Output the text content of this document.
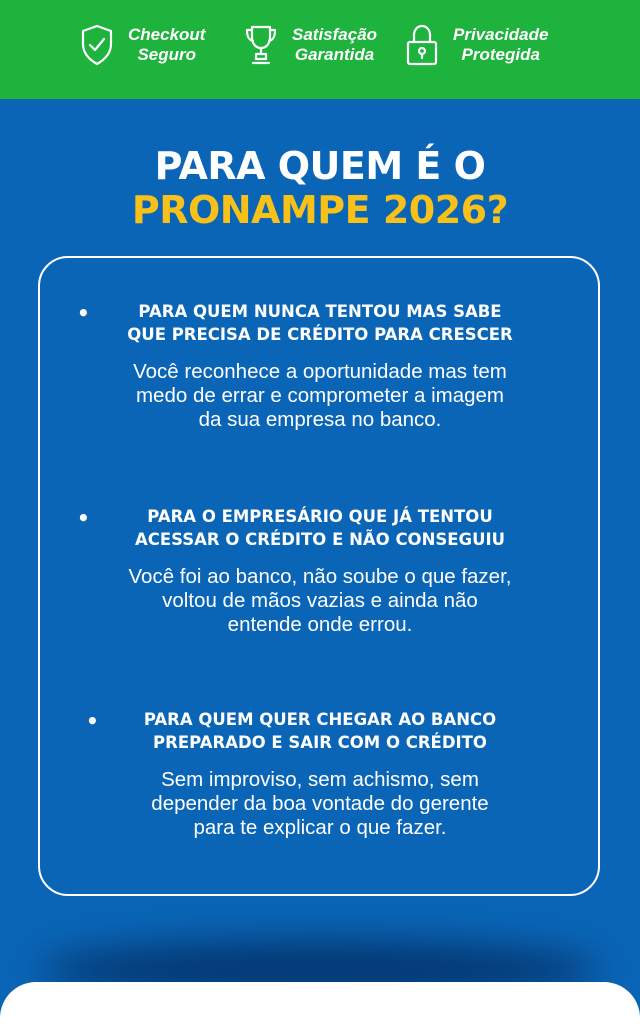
Checkout
Seguro
Satisfação
Garantida
Privacidade
Protegida
PARA QUEM É O
PRONAMPE 2026?
•	PARA QUEM NUNCA TENTOU MAS SABE
QUE PRECISA DE CRÉDITO PARA CRESCER
Você reconhece a oportunidade mas tem
medo de errar e comprometer a imagem
da sua empresa no banco.
•	PARA O EMPRESÁRIO QUE JÁ TENTOU
ACESSAR O CRÉDITO E NÃO CONSEGUIU
Você foi ao banco, não soube o que fazer,
voltou de mãos vazias e ainda não
entende onde errou.
•	PARA QUEM QUER CHEGAR AO BANCO
PREPARADO E SAIR COM O CRÉDITO
Sem improviso, sem achismo, sem
depender da boa vontade do gerente
para te explicar o que fazer.
